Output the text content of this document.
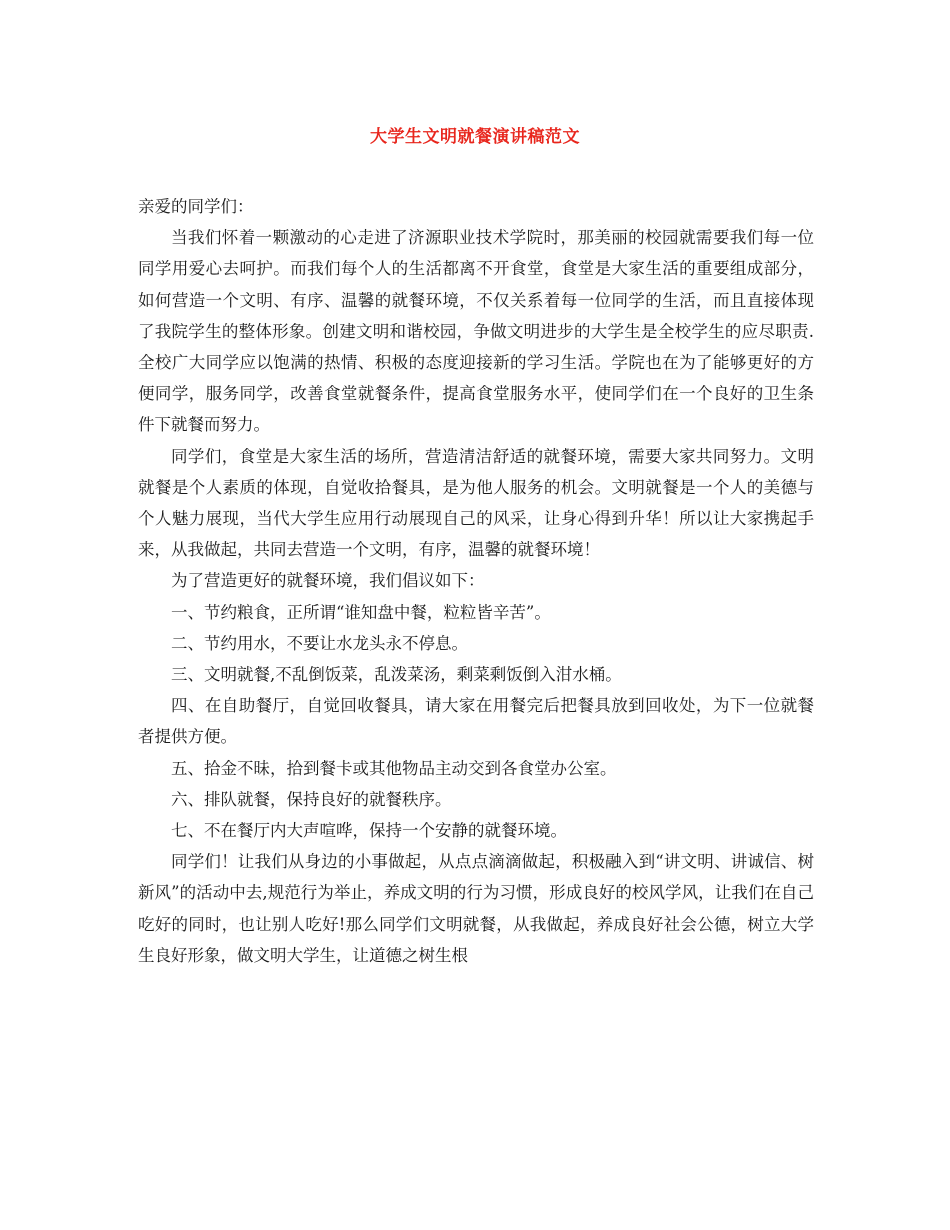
大学生文明就餐演讲稿范文

亲爱的同学们：

当我们怀着一颗激动的心走进了济源职业技术学院时，那美丽的校园就需要我们每一位同学用爱心去呵护。而我们每个人的生活都离不开食堂，食堂是大家生活的重要组成部分，如何营造一个文明、有序、温馨的就餐环境，不仅关系着每一位同学的生活，而且直接体现了我院学生的整体形象。创建文明和谐校园，争做文明进步的大学生是全校学生的应尽职责.全校广大同学应以饱满的热情、积极的态度迎接新的学习生活。学院也在为了能够更好的方便同学，服务同学，改善食堂就餐条件，提高食堂服务水平，使同学们在一个良好的卫生条件下就餐而努力。

同学们，食堂是大家生活的场所，营造清洁舒适的就餐环境，需要大家共同努力。文明就餐是个人素质的体现，自觉收拾餐具，是为他人服务的机会。文明就餐是一个人的美德与个人魅力展现，当代大学生应用行动展现自己的风采，让身心得到升华！所以让大家携起手来，从我做起，共同去营造一个文明，有序，温馨的就餐环境！

为了营造更好的就餐环境，我们倡议如下：

一、节约粮食，正所谓“谁知盘中餐，粒粒皆辛苦”。

二、节约用水，不要让水龙头永不停息。

三、文明就餐,不乱倒饭菜，乱泼菜汤，剩菜剩饭倒入泔水桶。

四、在自助餐厅，自觉回收餐具，请大家在用餐完后把餐具放到回收处，为下一位就餐者提供方便。

五、拾金不昧，拾到餐卡或其他物品主动交到各食堂办公室。

六、排队就餐，保持良好的就餐秩序。

七、不在餐厅内大声喧哗，保持一个安静的就餐环境。

同学们！让我们从身边的小事做起，从点点滴滴做起，积极融入到“讲文明、讲诚信、树新风”的活动中去,规范行为举止，养成文明的行为习惯，形成良好的校风学风，让我们在自己吃好的同时，也让别人吃好!那么同学们文明就餐，从我做起，养成良好社会公德，树立大学生良好形象，做文明大学生，让道德之树生根
